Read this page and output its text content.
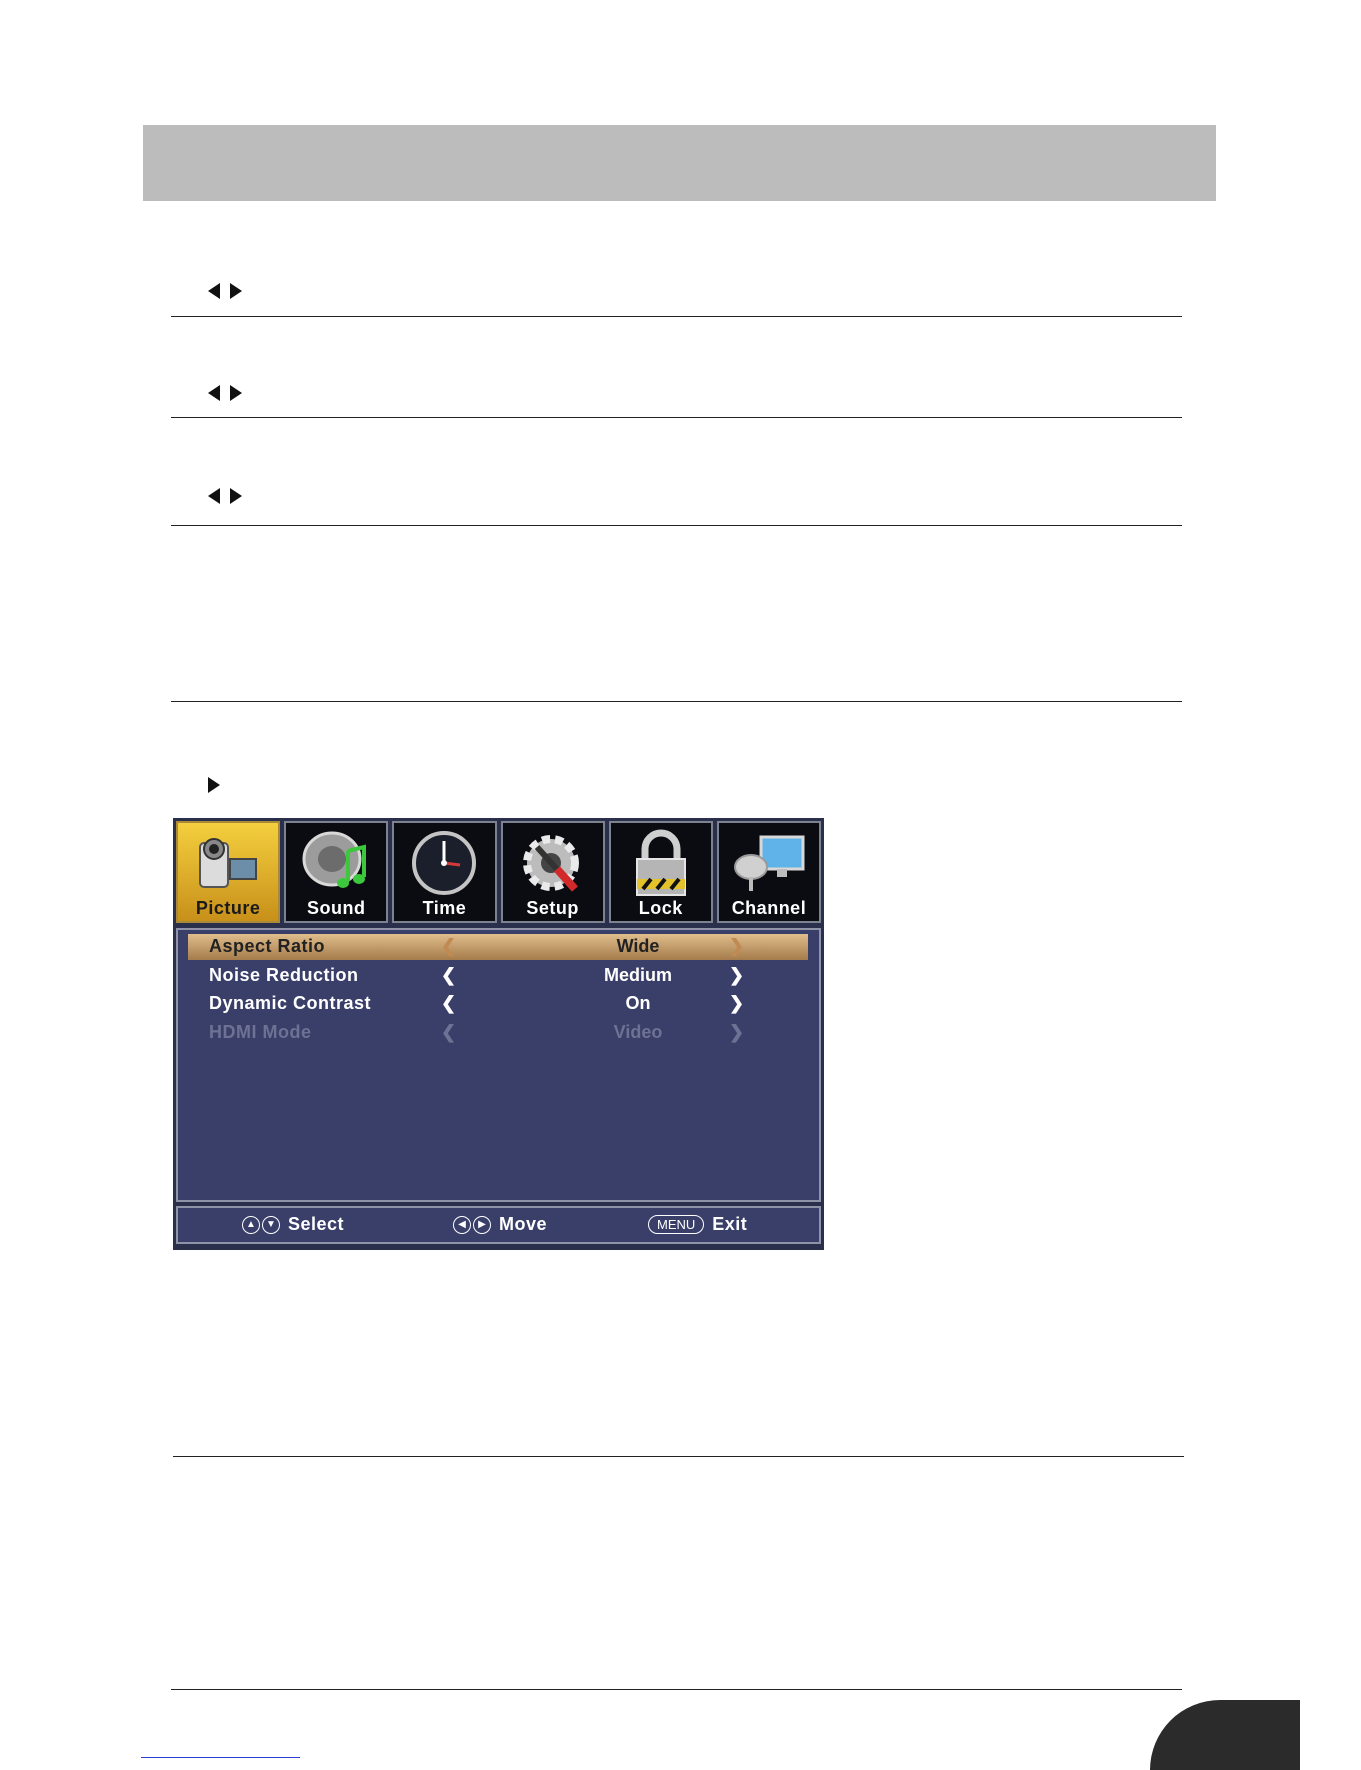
Picture	Sound	Time	Setup	Lock	Channel
Aspect Ratio	❮	Wide	❯
Noise Reduction	❮	Medium	❯
Dynamic Contrast	❮	On	❯
HDMI Mode	❮	Video	❯
▲	▼ Select	◀	▶ Move	MENU Exit
